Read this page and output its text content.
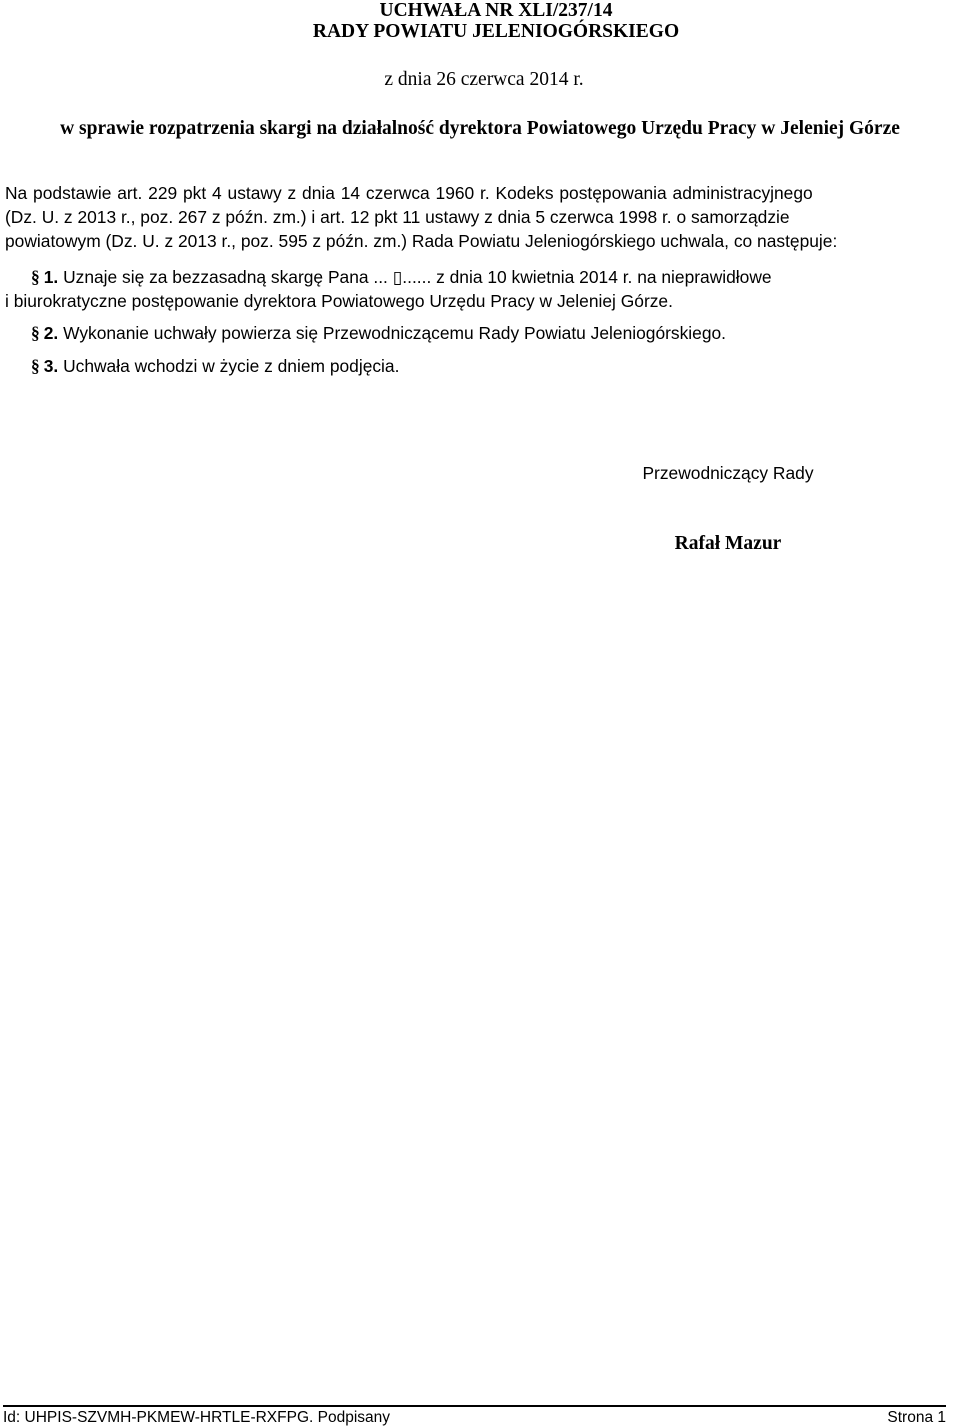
UCHWAŁA NR XLI/237/14
RADY POWIATU JELENIOGÓRSKIEGO
z dnia 26 czerwca 2014 r.
w sprawie rozpatrzenia skargi na działalność dyrektora Powiatowego Urzędu Pracy w Jeleniej Górze
Na podstawie art. 229 pkt 4 ustawy z dnia 14 czerwca 1960 r. Kodeks postępowania administracyjnego
(Dz. U. z 2013 r., poz. 267 z późn. zm.) i art. 12 pkt 11 ustawy z dnia 5 czerwca 1998 r. o samorządzie
powiatowym (Dz. U. z 2013 r., poz. 595 z późn. zm.) Rada Powiatu Jeleniogórskiego uchwala, co następuje:
§ 1. Uznaje się za bezzasadną skargę Pana ... ▯...... z dnia 10 kwietnia 2014 r. na nieprawidłowe
i biurokratyczne postępowanie dyrektora Powiatowego Urzędu Pracy w Jeleniej Górze.
§ 2. Wykonanie uchwały powierza się Przewodniczącemu Rady Powiatu Jeleniogórskiego.
§ 3. Uchwała wchodzi w życie z dniem podjęcia.
Przewodniczący Rady
Rafał Mazur
Id: UHPIS-SZVMH-PKMEW-HRTLE-RXFPG. Podpisany	Strona 1
